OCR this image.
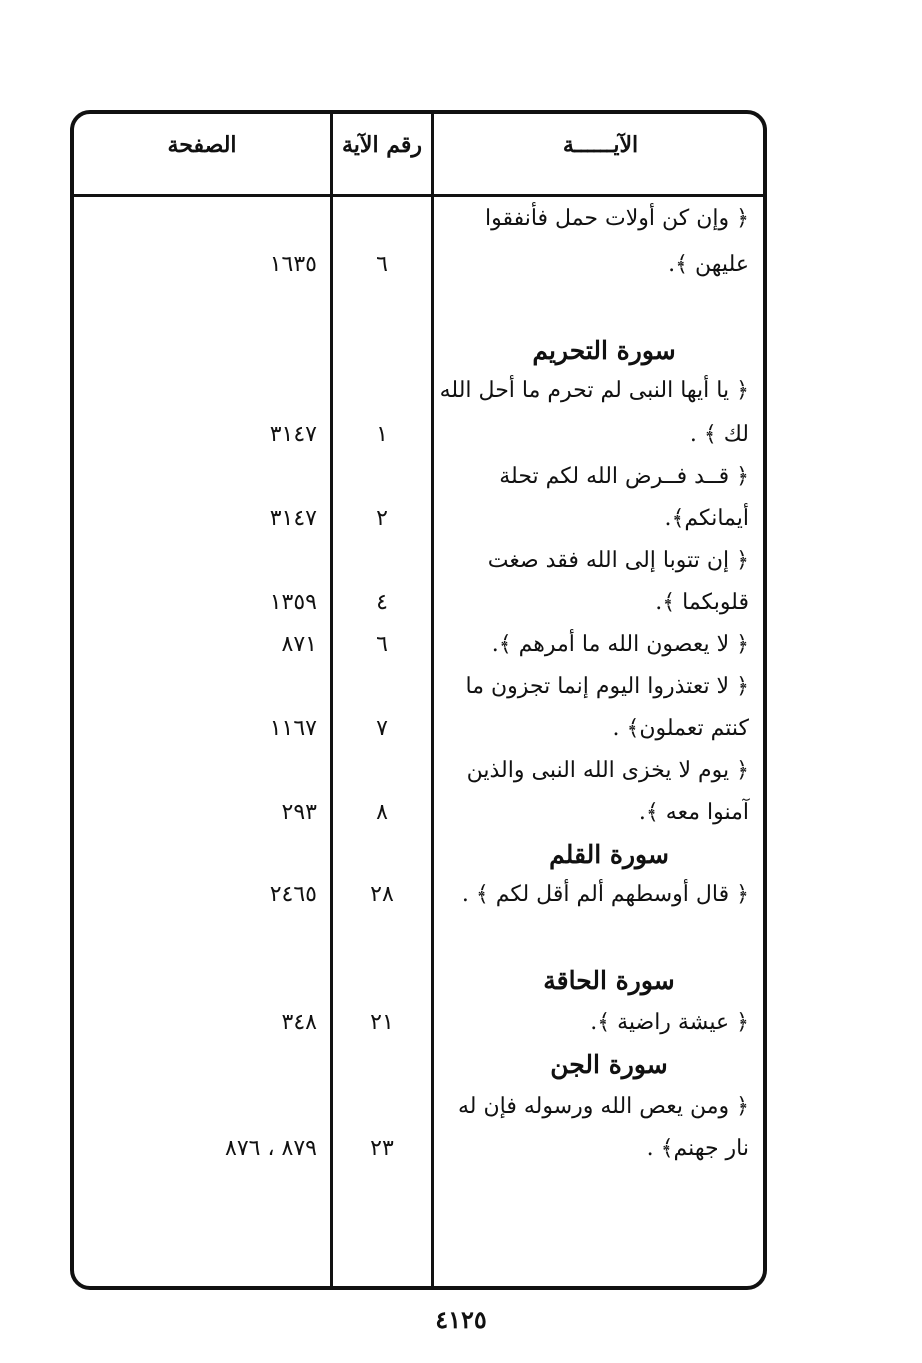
الصفحة	رقم الآية	الآيــــــة
﴿ وإن كن أولات حمل فأنفقوا
عليهن ﴾.
٦
١٦٣٥
سورة التحريم
﴿ يا أيها النبى لم تحرم ما أحل الله
لك ﴾ .
١
٣١٤٧
﴿ قــد فــرض الله لكم تحلة
أيمانكم﴾.
٢
٣١٤٧
﴿ إن تتوبا إلى الله فقد صغت
قلوبكما ﴾.
٤
١٣٥٩
﴿ لا يعصون الله ما أمرهم ﴾.
٦
٨٧١
﴿ لا تعتذروا اليوم إنما تجزون ما
كنتم تعملون﴾ .
٧
١١٦٧
﴿ يوم لا يخزى الله النبى والذين
آمنوا معه ﴾.
٨
٢٩٣
سورة القلم
﴿ قال أوسطهم ألم أقل لكم ﴾ .
٢٨
٢٤٦٥
سورة الحاقة
﴿ عيشة راضية ﴾.
٢١
٣٤٨
سورة الجن
﴿ ومن يعص الله ورسوله فإن له
نار جهنم﴾ .
٢٣
٨٧٩ ، ٨٧٦
٤١٢٥
